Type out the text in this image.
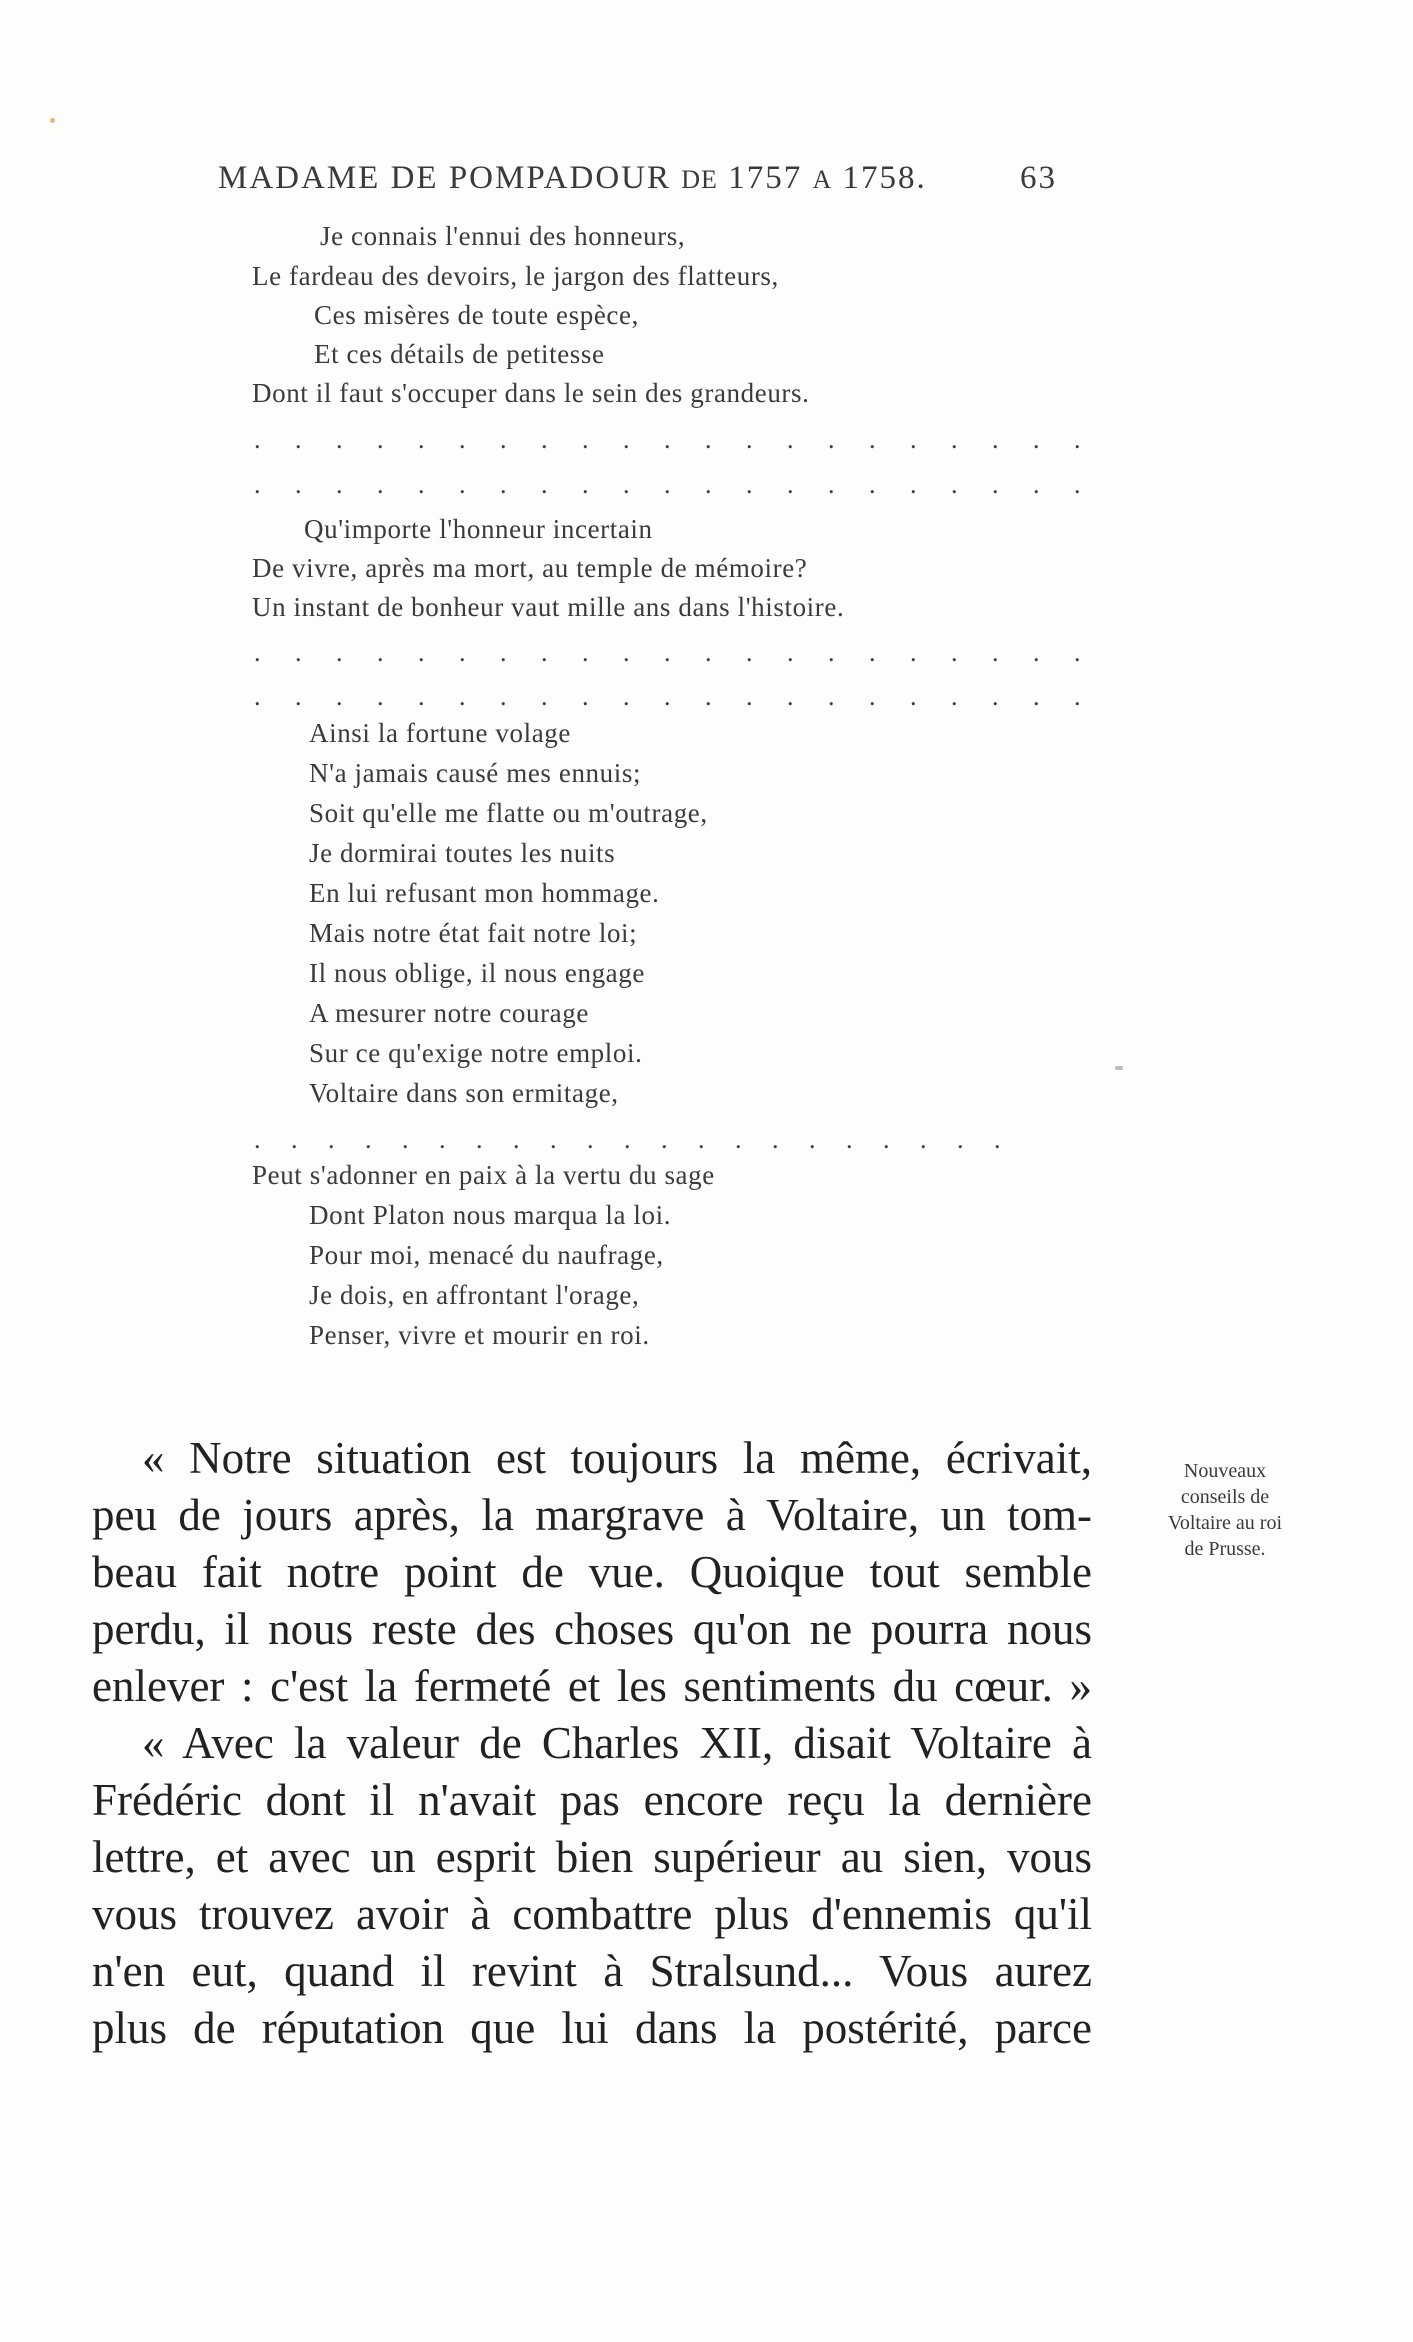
MADAME DE POMPADOUR DE 1757 A 1758.	63
Je connais l'ennui des honneurs,
Le fardeau des devoirs, le jargon des flatteurs,
Ces misères de toute espèce,
Et ces détails de petitesse
Dont il faut s'occuper dans le sein des grandeurs.
. . . . . . . . . . . . . . . . . . . . .
. . . . . . . . . . . . . . . . . . . . .
Qu'importe l'honneur incertain
De vivre, après ma mort, au temple de mémoire?
Un instant de bonheur vaut mille ans dans l'histoire.
. . . . . . . . . . . . . . . . . . . . .
. . . . . . . . . . . . . . . . . . . . .
Ainsi la fortune volage
N'a jamais causé mes ennuis;
Soit qu'elle me flatte ou m'outrage,
Je dormirai toutes les nuits
En lui refusant mon hommage.
Mais notre état fait notre loi;
Il nous oblige, il nous engage
A mesurer notre courage
Sur ce qu'exige notre emploi.
Voltaire dans son ermitage,
. . . . . . . . . . . . . . . . . . . . .
Peut s'adonner en paix à la vertu du sage
Dont Platon nous marqua la loi.
Pour moi, menacé du naufrage,
Je dois, en affrontant l'orage,
Penser, vivre et mourir en roi.
« Notre situation est toujours la même, écrivait,
peu de jours après, la margrave à Voltaire, un tom-
beau fait notre point de vue. Quoique tout semble
perdu, il nous reste des choses qu'on ne pourra nous
enlever : c'est la fermeté et les sentiments du cœur. »
« Avec la valeur de Charles XII, disait Voltaire à
Frédéric dont il n'avait pas encore reçu la dernière
lettre, et avec un esprit bien supérieur au sien, vous
vous trouvez avoir à combattre plus d'ennemis qu'il
n'en eut, quand il revint à Stralsund... Vous aurez
plus de réputation que lui dans la postérité, parce
Nouveaux
conseils de
Voltaire au roi
de Prusse.
